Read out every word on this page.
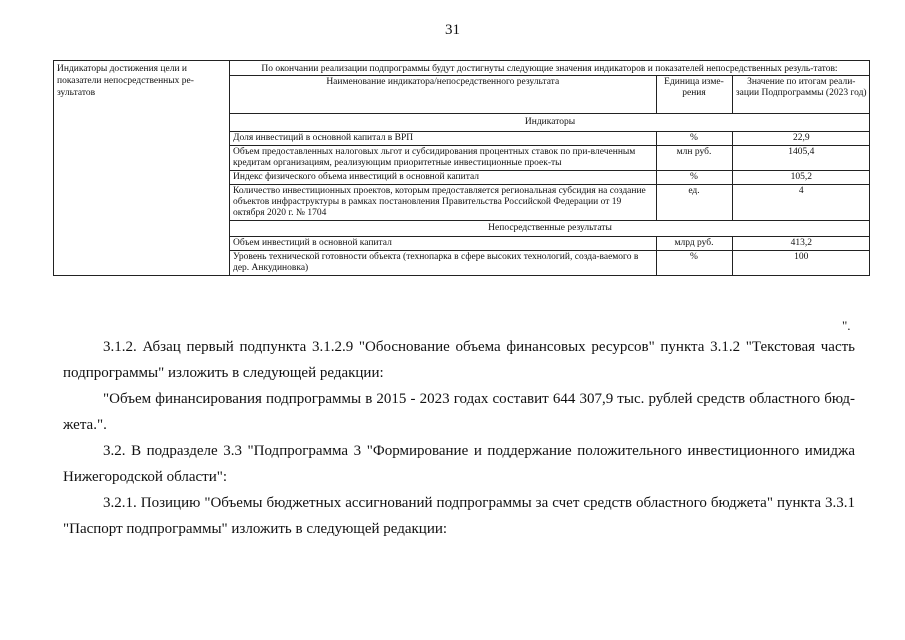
31
Индикаторы достижения цели и показатели непосредственных ре-зультатов	
По окончании реализации подпрограммы будут достигнуты следующие значения индикаторов и показателей непосредственных резуль-татов:
Наименование индикатора/непосредственного результата	Единица изме-рения	Значение по итогам реали-зации Подпрограммы (2023 год)
Индикаторы
Доля инвестиций в основной капитал в ВРП	%	22,9
Объем предоставленных налоговых льгот и субсидирования процентных ставок по при-влеченным кредитам организациям, реализующим приоритетные инвестиционные проек-ты	млн руб.	1405,4
Индекс физического объема инвестиций в основной капитал	%	105,2
Количество инвестиционных проектов, которым предоставляется региональная субсидия на создание объектов инфраструктуры в рамках постановления Правительства Российской Федерации от 19 октября 2020 г. № 1704	ед.	4
Непосредственные результаты
Объем инвестиций в основной капитал	млрд руб.	413,2
Уровень технической готовности объекта (технопарка в сфере высоких технологий, созда-ваемого в дер. Анкудиновка)	%	100
".
3.1.2. Абзац первый подпункта 3.1.2.9 "Обоснование объема финансовых ресурсов" пункта 3.1.2 "Текстовая часть подпрограммы" изложить в следующей редакции:
"Объем финансирования подпрограммы в 2015 - 2023 годах составит 644 307,9 тыс. рублей средств областного бюд-жета.".
3.2. В подразделе 3.3 "Подпрограмма 3 "Формирование и поддержание положительного инвестиционного имиджа Нижегородской области":
3.2.1. Позицию "Объемы бюджетных ассигнований подпрограммы за счет средств областного бюджета" пункта 3.3.1 "Паспорт подпрограммы" изложить в следующей редакции:
